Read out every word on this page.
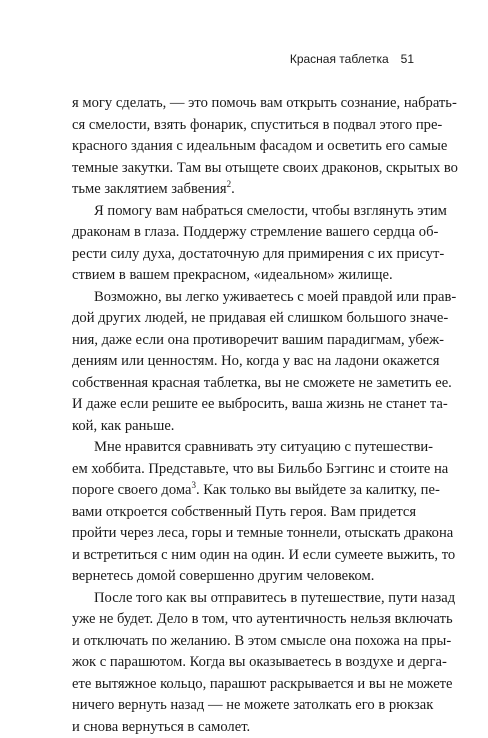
Красная таблетка 51
я могу сделать, — это помочь вам открыть сознание, набрать-
ся смелости, взять фонарик, спуститься в подвал этого пре-
красного здания с идеальным фасадом и осветить его самые
темные закутки. Там вы отыщете своих драконов, скрытых во
тьме заклятием забвения$^2$.
Я помогу вам набраться смелости, чтобы взглянуть этим
драконам в глаза. Поддержу стремление вашего сердца об-
рести силу духа, достаточную для примирения с их присут-
ствием в вашем прекрасном, «идеальном» жилище.
Возможно, вы легко уживаетесь с моей правдой или прав-
дой других людей, не придавая ей слишком большого значе-
ния, даже если она противоречит вашим парадигмам, убеж-
дениям или ценностям. Но, когда у вас на ладони окажется
собственная красная таблетка, вы не сможете не заметить ее.
И даже если решите ее выбросить, ваша жизнь не станет та-
кой, как раньше.
Мне нравится сравнивать эту ситуацию с путешестви-
ем хоббита. Представьте, что вы Бильбо Бэггинс и стоите на
пороге своего дома$^3$. Как только вы выйдете за калитку, пе-
вами откроется собственный Путь героя. Вам придется
пройти через леса, горы и темные тоннели, отыскать дракона
и встретиться с ним один на один. И если сумеете выжить, то
вернетесь домой совершенно другим человеком.
После того как вы отправитесь в путешествие, пути назад
уже не будет. Дело в том, что аутентичность нельзя включать
и отключать по желанию. В этом смысле она похожа на пры-
жок с парашютом. Когда вы оказываетесь в воздухе и дерга-
ете вытяжное кольцо, парашют раскрывается и вы не можете
ничего вернуть назад — не можете затолкать его в рюкзак
и снова вернуться в самолет.
